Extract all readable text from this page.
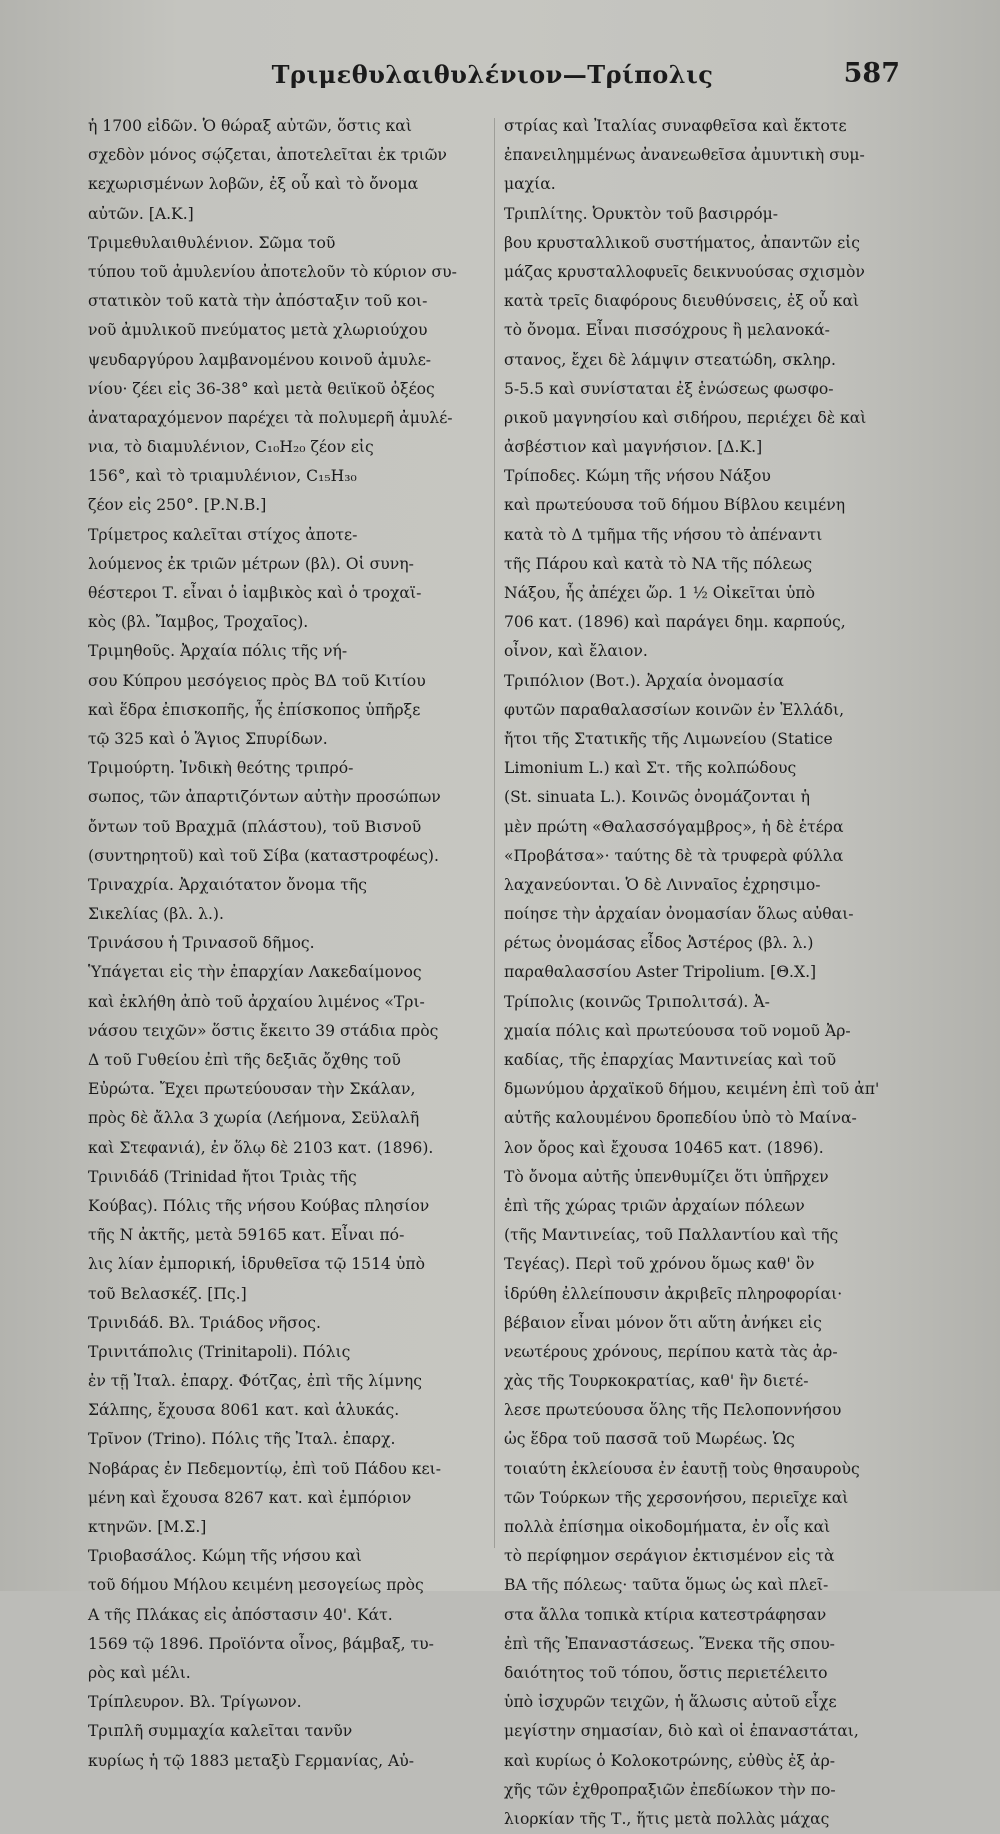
Τριμεθυλαιθυλένιον—Τρίπολις	587
ἡ 1700 εἰδῶν. Ὁ θώραξ αὐτῶν, ὅστις καὶ
σχεδὸν μόνος σῴζεται, ἀποτελεῖται ἐκ τριῶν
κεχωρισμένων λοβῶν, ἐξ οὗ καὶ τὸ ὄνομα
αὐτῶν. [Α.Κ.]
Τριμεθυλαιθυλένιον. Σῶμα τοῦ
τύπου τοῦ ἀμυλενίου ἀποτελοῦν τὸ κύριον συ-
στατικὸν τοῦ κατὰ τὴν ἀπόσταξιν τοῦ κοι-
νοῦ ἀμυλικοῦ πνεύματος μετὰ χλωριούχου
ψευδαργύρου λαμβανομένου κοινοῦ ἀμυλε-
νίου· ζέει εἰς 36-38° καὶ μετὰ θειϊκοῦ ὀξέος
ἀναταραχόμενον παρέχει τὰ πολυμερῆ ἀμυλέ-
νια, τὸ διαμυλένιον, C₁₀H₂₀ ζέον εἰς
156°, καὶ τὸ τριαμυλένιον, C₁₅H₃₀
ζέον εἰς 250°. [Ρ.Ν.Β.]
Τρίμετρος καλεῖται στίχος ἀποτε-
λούμενος ἐκ τριῶν μέτρων (βλ). Οἱ συνη-
θέστεροι Τ. εἶναι ὁ ἰαμβικὸς καὶ ὁ τροχαϊ-
κὸς (βλ. Ἴαμβος, Τροχαῖος).
Τριμηθοῦς. Ἀρχαία πόλις τῆς νή-
σου Κύπρου μεσόγειος πρὸς ΒΔ τοῦ Κιτίου
καὶ ἕδρα ἐπισκοπῆς, ἧς ἐπίσκοπος ὑπῆρξε
τῷ 325 καὶ ὁ Ἅγιος Σπυρίδων.
Τριμούρτη. Ἰνδικὴ θεότης τριπρό-
σωπος, τῶν ἀπαρτιζόντων αὐτὴν προσώπων
ὄντων τοῦ Βραχμᾶ (πλάστου), τοῦ Βισνοῦ
(συντηρητοῦ) καὶ τοῦ Σίβα (καταστροφέως).
Τριναχρία. Ἀρχαιότατον ὄνομα τῆς
Σικελίας (βλ. λ.).
Τρινάσου ἡ Τρινασοῦ δῆμος.
Ὑπάγεται εἰς τὴν ἐπαρχίαν Λακεδαίμονος
καὶ ἐκλήθη ἀπὸ τοῦ ἀρχαίου λιμένος «Τρι-
νάσου τειχῶν» ὅστις ἔκειτο 39 στάδια πρὸς
Δ τοῦ Γυθείου ἐπὶ τῆς δεξιᾶς ὄχθης τοῦ
Εὐρώτα. Ἔχει πρωτεύουσαν τὴν Σκάλαν,
πρὸς δὲ ἄλλα 3 χωρία (Λεήμονα, Σεϋλαλῆ
καὶ Στεφανιά), ἐν ὅλῳ δὲ 2103 κατ. (1896).
Τρινιδάδ (Trinidad ἤτοι Τριὰς τῆς
Κούβας). Πόλις τῆς νήσου Κούβας πλησίον
τῆς Ν ἀκτῆς, μετὰ 59165 κατ. Εἶναι πό-
λις λίαν ἐμπορική, ἱδρυθεῖσα τῷ 1514 ὑπὸ
τοῦ Βελασκέζ. [Πς.]
Τρινιδάδ. Βλ. Τριάδος νῆσος.
Τρινιτάπολις (Trinitapoli). Πόλις
ἐν τῇ Ἰταλ. ἐπαρχ. Φότζας, ἐπὶ τῆς λίμνης
Σάλπης, ἔχουσα 8061 κατ. καὶ ἁλυκάς.
Τρῖνον (Trino). Πόλις τῆς Ἰταλ. ἐπαρχ.
Νοβάρας ἐν Πεδεμοντίῳ, ἐπὶ τοῦ Πάδου κει-
μένη καὶ ἔχουσα 8267 κατ. καὶ ἐμπόριον
κτηνῶν. [Μ.Σ.]
Τριοβασάλος. Κώμη τῆς νήσου καὶ
τοῦ δήμου Μήλου κειμένη μεσογείως πρὸς
Α τῆς Πλάκας εἰς ἀπόστασιν 40'. Κάτ.
1569 τῷ 1896. Προϊόντα οἶνος, βάμβαξ, τυ-
ρὸς καὶ μέλι.
Τρίπλευρον. Βλ. Τρίγωνον.
Τριπλῆ συμμαχία καλεῖται τανῦν
κυρίως ἡ τῷ 1883 μεταξὺ Γερμανίας, Αὐ-
στρίας καὶ Ἰταλίας συναφθεῖσα καὶ ἔκτοτε
ἐπανειλημμένως ἀνανεωθεῖσα ἀμυντικὴ συμ-
μαχία.
Τριπλίτης. Ὀρυκτὸν τοῦ βασιρρόμ-
βου κρυσταλλικοῦ συστήματος, ἀπαντῶν εἰς
μάζας κρυσταλλοφυεῖς δεικνυούσας σχισμὸν
κατὰ τρεῖς διαφόρους διευθύνσεις, ἐξ οὗ καὶ
τὸ ὄνομα. Εἶναι πισσόχρους ἢ μελανοκά-
στανος, ἔχει δὲ λάμψιν στεατώδη, σκληρ.
5-5.5 καὶ συνίσταται ἐξ ἑνώσεως φωσφο-
ρικοῦ μαγνησίου καὶ σιδήρου, περιέχει δὲ καὶ
ἀσβέστιον καὶ μαγνήσιον. [Δ.Κ.]
Τρίποδες. Κώμη τῆς νήσου Νάξου
καὶ πρωτεύουσα τοῦ δήμου Βίβλου κειμένη
κατὰ τὸ Δ τμῆμα τῆς νήσου τὸ ἀπέναντι
τῆς Πάρου καὶ κατὰ τὸ ΝΑ τῆς πόλεως
Νάξου, ἧς ἀπέχει ὥρ. 1 ½ Οἰκεῖται ὑπὸ
706 κατ. (1896) καὶ παράγει δημ. καρπούς,
οἶνον, καὶ ἔλαιον.
Τριπόλιον (Βοτ.). Ἀρχαία ὀνομασία
φυτῶν παραθαλασσίων κοινῶν ἐν Ἑλλάδι,
ἤτοι τῆς Στατικῆς τῆς Λιμωνείου (Statice
Limonium L.) καὶ Στ. τῆς κολπώδους
(St. sinuata L.). Κοινῶς ὀνομάζονται ἡ
μὲν πρώτη «Θαλασσόγαμβρος», ἡ δὲ ἑτέρα
«Προβάτσα»· ταύτης δὲ τὰ τρυφερὰ φύλλα
λαχανεύονται. Ὁ δὲ Λινναῖος ἐχρησιμο-
ποίησε τὴν ἀρχαίαν ὀνομασίαν ὅλως αὐθαι-
ρέτως ὀνομάσας εἶδος Ἀστέρος (βλ. λ.)
παραθαλασσίου Aster Tripolium. [Θ.Χ.]
Τρίπολις (κοινῶς Τριπολιτσά). Ἀ-
χμαία πόλις καὶ πρωτεύουσα τοῦ νομοῦ Ἀρ-
καδίας, τῆς ἐπαρχίας Μαντινείας καὶ τοῦ
δμωνύμου ἀρχαϊκοῦ δήμου, κειμένη ἐπὶ τοῦ ἀπ'
αὐτῆς καλουμένου δροπεδίου ὑπὸ τὸ Μαίνα-
λον ὄρος καὶ ἔχουσα 10465 κατ. (1896).
Τὸ ὄνομα αὐτῆς ὑπενθυμίζει ὅτι ὑπῆρχεν
ἐπὶ τῆς χώρας τριῶν ἀρχαίων πόλεων
(τῆς Μαντινείας, τοῦ Παλλαντίου καὶ τῆς
Τεγέας). Περὶ τοῦ χρόνου ὅμως καθ' ὃν
ἱδρύθη ἐλλείπουσιν ἀκριβεῖς πληροφορίαι·
βέβαιον εἶναι μόνον ὅτι αὕτη ἀνήκει εἰς
νεωτέρους χρόνους, περίπου κατὰ τὰς ἀρ-
χὰς τῆς Τουρκοκρατίας, καθ' ἣν διετέ-
λεσε πρωτεύουσα ὅλης τῆς Πελοποννήσου
ὡς ἕδρα τοῦ πασσᾶ τοῦ Μωρέως. Ὡς
τοιαύτη ἐκλείουσα ἐν ἑαυτῇ τοὺς θησαυροὺς
τῶν Τούρκων τῆς χερσονήσου, περιεῖχε καὶ
πολλὰ ἐπίσημα οἰκοδομήματα, ἐν οἷς καὶ
τὸ περίφημον σεράγιον ἐκτισμένον εἰς τὰ
ΒΑ τῆς πόλεως· ταῦτα ὅμως ὡς καὶ πλεῖ-
στα ἄλλα τοπικὰ κτίρια κατεστράφησαν
ἐπὶ τῆς Ἐπαναστάσεως. Ἕνεκα τῆς σπου-
δαιότητος τοῦ τόπου, ὅστις περιετέλειτο
ὑπὸ ἰσχυρῶν τειχῶν, ἡ ἅλωσις αὐτοῦ εἶχε
μεγίστην σημασίαν, διὸ καὶ οἱ ἐπαναστάται,
καὶ κυρίως ὁ Κολοκοτρώνης, εὐθὺς ἐξ ἀρ-
χῆς τῶν ἐχθροπραξιῶν ἐπεδίωκον τὴν πο-
λιορκίαν τῆς Τ., ἥτις μετὰ πολλὰς μάχας
